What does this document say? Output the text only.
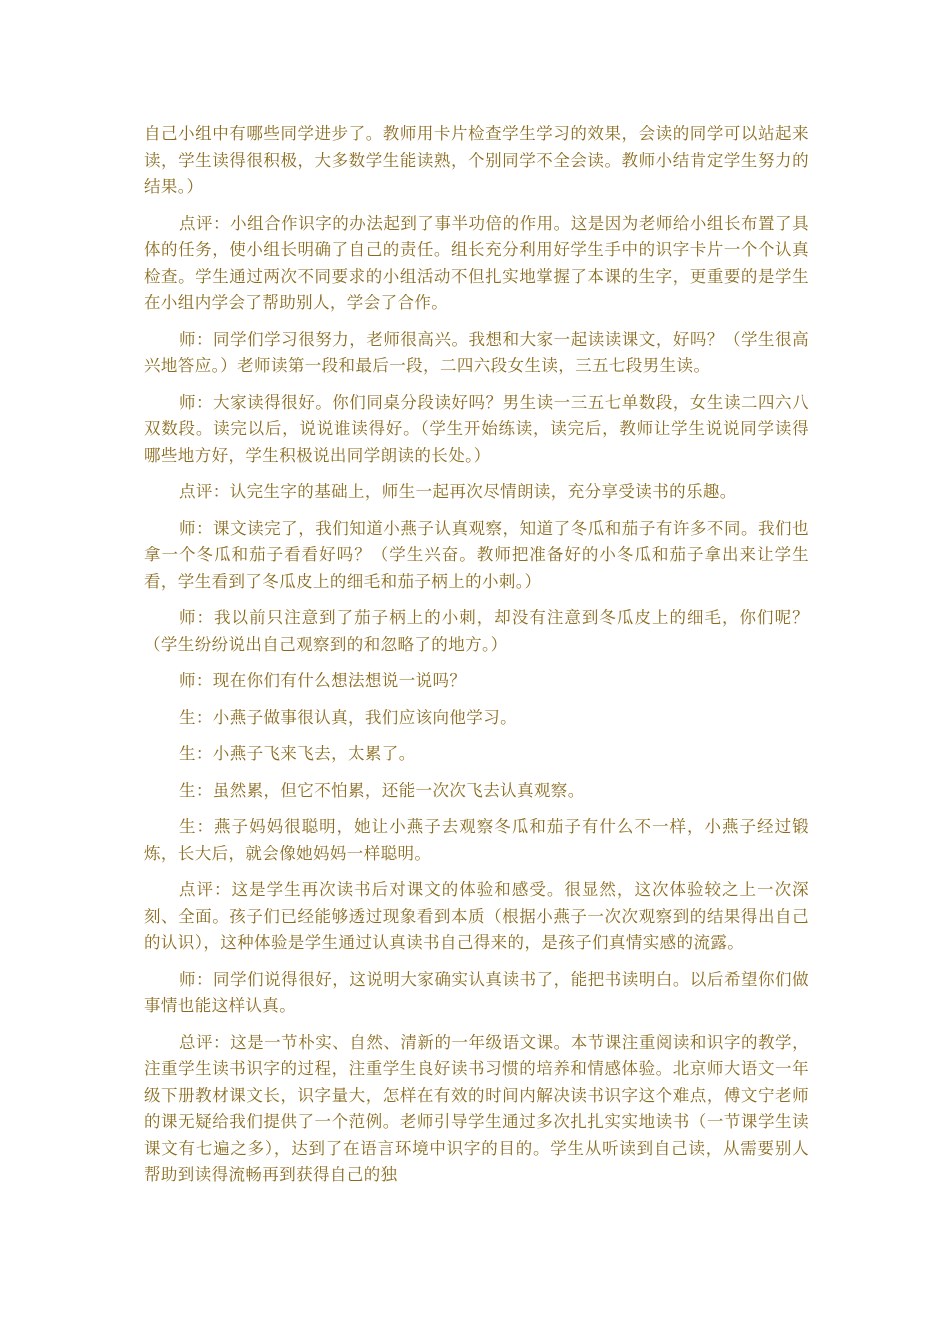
自己小组中有哪些同学进步了。教师用卡片检查学生学习的效果，会读的同学可以站起来读，学生读得很积极，大多数学生能读熟，个别同学不全会读。教师小结肯定学生努力的结果。）

点评：小组合作识字的办法起到了事半功倍的作用。这是因为老师给小组长布置了具体的任务，使小组长明确了自己的责任。组长充分利用好学生手中的识字卡片一个个认真检查。学生通过两次不同要求的小组活动不但扎实地掌握了本课的生字，更重要的是学生在小组内学会了帮助别人，学会了合作。

师：同学们学习很努力，老师很高兴。我想和大家一起读读课文，好吗？（学生很高兴地答应。）老师读第一段和最后一段，二四六段女生读，三五七段男生读。

师：大家读得很好。你们同桌分段读好吗？男生读一三五七单数段，女生读二四六八双数段。读完以后，说说谁读得好。（学生开始练读，读完后，教师让学生说说同学读得哪些地方好，学生积极说出同学朗读的长处。）

点评：认完生字的基础上，师生一起再次尽情朗读，充分享受读书的乐趣。

师：课文读完了，我们知道小燕子认真观察，知道了冬瓜和茄子有许多不同。我们也拿一个冬瓜和茄子看看好吗？（学生兴奋。教师把准备好的小冬瓜和茄子拿出来让学生看，学生看到了冬瓜皮上的细毛和茄子柄上的小刺。）

师：我以前只注意到了茄子柄上的小刺，却没有注意到冬瓜皮上的细毛，你们呢？（学生纷纷说出自己观察到的和忽略了的地方。）

师：现在你们有什么想法想说一说吗？

生：小燕子做事很认真，我们应该向他学习。

生：小燕子飞来飞去，太累了。

生：虽然累，但它不怕累，还能一次次飞去认真观察。

生：燕子妈妈很聪明，她让小燕子去观察冬瓜和茄子有什么不一样，小燕子经过锻炼，长大后，就会像她妈妈一样聪明。

点评：这是学生再次读书后对课文的体验和感受。很显然，这次体验较之上一次深刻、全面。孩子们已经能够透过现象看到本质（根据小燕子一次次观察到的结果得出自己的认识），这种体验是学生通过认真读书自己得来的，是孩子们真情实感的流露。

师：同学们说得很好，这说明大家确实认真读书了，能把书读明白。以后希望你们做事情也能这样认真。

总评：这是一节朴实、自然、清新的一年级语文课。本节课注重阅读和识字的教学，注重学生读书识字的过程，注重学生良好读书习惯的培养和情感体验。北京师大语文一年级下册教材课文长，识字量大，怎样在有效的时间内解决读书识字这个难点，傅文宁老师的课无疑给我们提供了一个范例。老师引导学生通过多次扎扎实实地读书（一节课学生读课文有七遍之多），达到了在语言环境中识字的目的。学生从听读到自己读，从需要别人帮助到读得流畅再到获得自己的独
